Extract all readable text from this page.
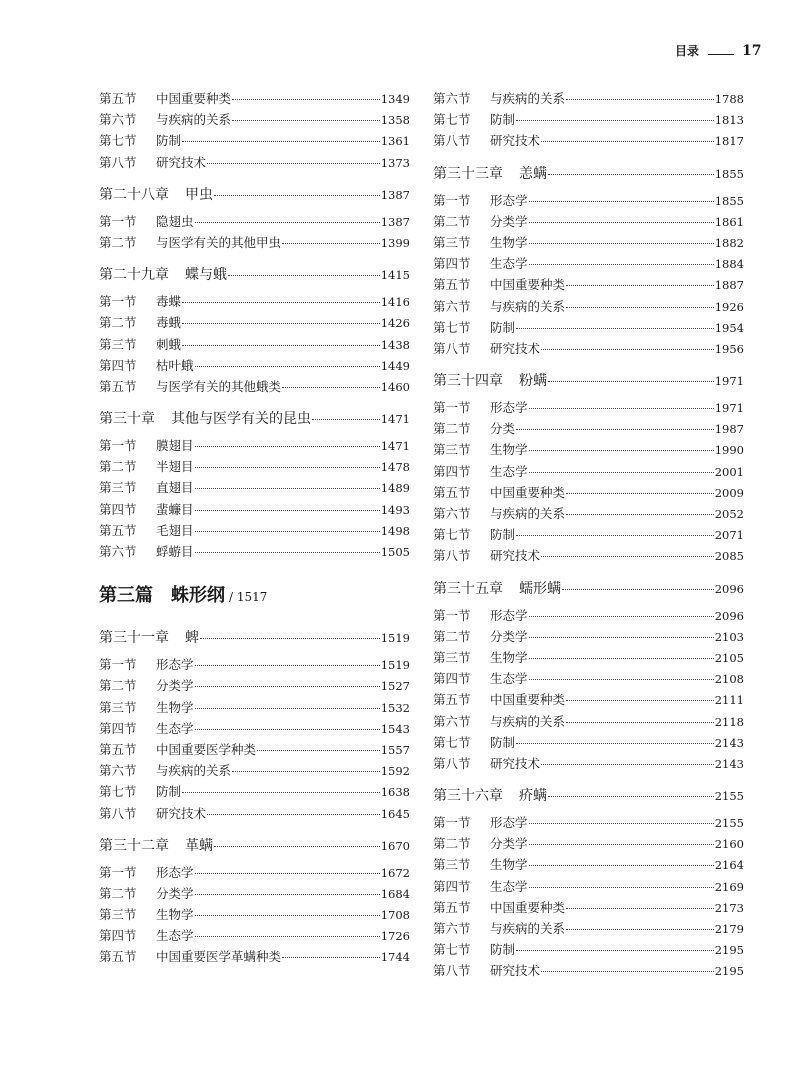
目录	17
第五节	中国重要种类	1349
第六节	与疾病的关系	1358
第七节	防制	1361
第八节	研究技术	1373
第二十八章 甲虫	1387
第一节	隐翅虫	1387
第二节	与医学有关的其他甲虫	1399
第二十九章 蝶与蛾	1415
第一节	毒蝶	1416
第二节	毒蛾	1426
第三节	刺蛾	1438
第四节	枯叶蛾	1449
第五节	与医学有关的其他蛾类	1460
第三十章 其他与医学有关的昆虫	1471
第一节	膜翅目	1471
第二节	半翅目	1478
第三节	直翅目	1489
第四节	蜚蠊目	1493
第五节	毛翅目	1498
第六节	蜉蝣目	1505
第三篇 蛛形纲 / 1517
第三十一章 蜱	1519
第一节	形态学	1519
第二节	分类学	1527
第三节	生物学	1532
第四节	生态学	1543
第五节	中国重要医学种类	1557
第六节	与疾病的关系	1592
第七节	防制	1638
第八节	研究技术	1645
第三十二章 革螨	1670
第一节	形态学	1672
第二节	分类学	1684
第三节	生物学	1708
第四节	生态学	1726
第五节	中国重要医学革螨种类	1744
第六节	与疾病的关系	1788
第七节	防制	1813
第八节	研究技术	1817
第三十三章 恙螨	1855
第一节	形态学	1855
第二节	分类学	1861
第三节	生物学	1882
第四节	生态学	1884
第五节	中国重要种类	1887
第六节	与疾病的关系	1926
第七节	防制	1954
第八节	研究技术	1956
第三十四章 粉螨	1971
第一节	形态学	1971
第二节	分类	1987
第三节	生物学	1990
第四节	生态学	2001
第五节	中国重要种类	2009
第六节	与疾病的关系	2052
第七节	防制	2071
第八节	研究技术	2085
第三十五章 蠕形螨	2096
第一节	形态学	2096
第二节	分类学	2103
第三节	生物学	2105
第四节	生态学	2108
第五节	中国重要种类	2111
第六节	与疾病的关系	2118
第七节	防制	2143
第八节	研究技术	2143
第三十六章 疥螨	2155
第一节	形态学	2155
第二节	分类学	2160
第三节	生物学	2164
第四节	生态学	2169
第五节	中国重要种类	2173
第六节	与疾病的关系	2179
第七节	防制	2195
第八节	研究技术	2195
